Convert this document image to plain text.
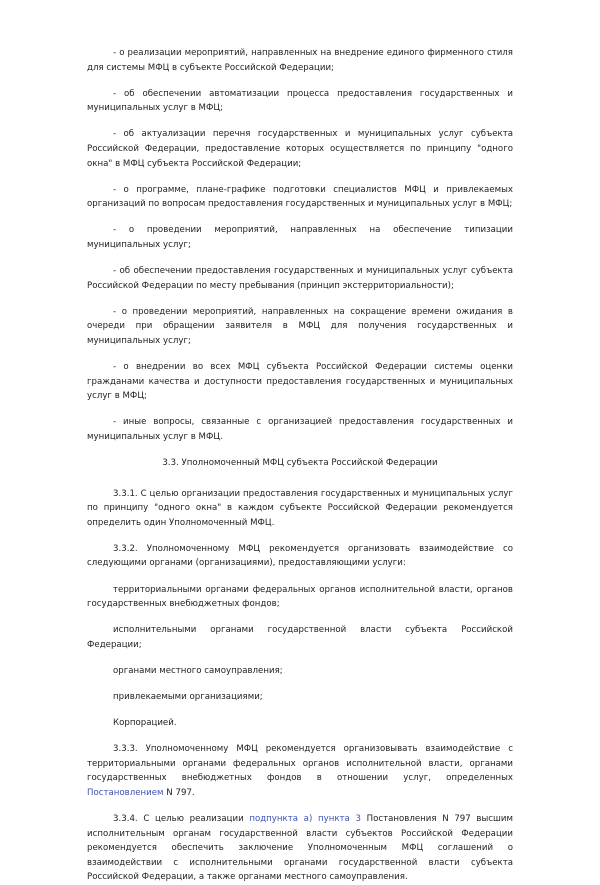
- о реализации мероприятий, направленных на внедрение единого фирменного стиля для системы МФЦ в субъекте Российской Федерации;

- об обеспечении автоматизации процесса предоставления государственных и муниципальных услуг в МФЦ;

- об актуализации перечня государственных и муниципальных услуг субъекта Российской Федерации, предоставление которых осуществляется по принципу "одного окна" в МФЦ субъекта Российской Федерации;

- о программе, плане-графике подготовки специалистов МФЦ и привлекаемых организаций по вопросам предоставления государственных и муниципальных услуг в МФЦ;

- о проведении мероприятий, направленных на обеспечение типизации муниципальных услуг;

- об обеспечении предоставления государственных и муниципальных услуг субъекта Российской Федерации по месту пребывания (принцип экстерриториальности);

- о проведении мероприятий, направленных на сокращение времени ожидания в очереди при обращении заявителя в МФЦ для получения государственных и муниципальных услуг;

- о внедрении во всех МФЦ субъекта Российской Федерации системы оценки гражданами качества и доступности предоставления государственных и муниципальных услуг в МФЦ;

- иные вопросы, связанные с организацией предоставления государственных и муниципальных услуг в МФЦ.

3.3. Уполномоченный МФЦ субъекта Российской Федерации

3.3.1. С целью организации предоставления государственных и муниципальных услуг по принципу "одного окна" в каждом субъекте Российской Федерации рекомендуется определить один Уполномоченный МФЦ.

3.3.2. Уполномоченному МФЦ рекомендуется организовать взаимодействие со следующими органами (организациями), предоставляющими услуги:

территориальными органами федеральных органов исполнительной власти, органов государственных внебюджетных фондов;

исполнительными органами государственной власти субъекта Российской Федерации;

органами местного самоуправления;

привлекаемыми организациями;

Корпорацией.

3.3.3. Уполномоченному МФЦ рекомендуется организовывать взаимодействие с территориальными органами федеральных органов исполнительной власти, органами государственных внебюджетных фондов в отношении услуг, определенных Постановлением N 797.

3.3.4. С целью реализации подпункта а) пункта 3 Постановления N 797 высшим исполнительным органам государственной власти субъектов Российской Федерации рекомендуется обеспечить заключение Уполномоченным МФЦ соглашений о взаимодействии с исполнительными органами государственной власти субъекта Российской Федерации, а также органами местного самоуправления.
